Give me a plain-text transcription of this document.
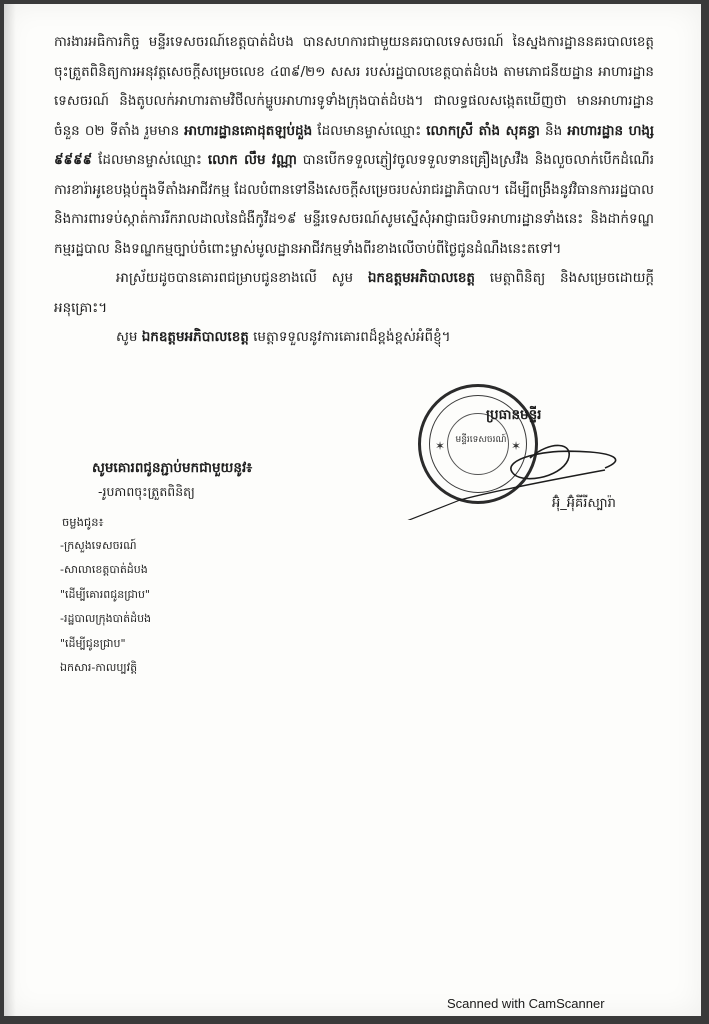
ការងារអធិការកិច្ច មន្ទីរទេសចរណ៍ខេត្តបាត់ដំបង បានសហការជាមួយនគរបាលទេសចរណ៍ នៃស្នងការដ្ឋាននគរបាលខេត្ត ចុះត្រួតពិនិត្យការអនុវត្តសេចក្តីសម្រេចលេខ ៤៣៩/២១ សសរ របស់រដ្ឋបាលខេត្តបាត់ដំបង តាមភោជនីយដ្ឋាន អាហារដ្ឋានទេសចរណ៍ និងតូបលក់អាហារតាមវិថីលក់ម្ហូបអាហារទូទាំងក្រុងបាត់ដំបង។ ជាលទ្ធផលសង្កេតឃើញថា មានអាហារដ្ឋានចំនួន ០២ ទីតាំង រួមមាន អាហារដ្ឋានគោដុតឡប់ដួង ដែលមានម្ចាស់ឈ្មោះ លោកស្រី តាំង សុគន្ធា និង អាហារដ្ឋាន ហង្ស ៩៩៩៩ ដែលមានម្ចាស់ឈ្មោះ លោក លឹម វណ្ណា បានបើកទទួលភ្ញៀវចូលទទួលទានគ្រឿងស្រវឹង និងលួចលាក់បើកដំណើរការខារ៉ាអូខេបង្កប់ក្នុងទីតាំងអាជីវកម្ម ដែលបំពានទៅនឹងសេចក្តីសម្រេចរបស់រាជរដ្ឋាភិបាល។ ដើម្បីពង្រឹងនូវវិធានការរដ្ឋបាល និងការពារទប់ស្កាត់ការរីករាលដាលនៃជំងឺកូវីដ១៩ មន្ទីរទេសចរណ៍សូមស្នើសុំអាជ្ញាធរបិទអាហារដ្ឋានទាំងនេះ និងដាក់ទណ្ឌកម្មរដ្ឋបាល និងទណ្ឌកម្មច្បាប់ចំពោះម្ចាស់មូលដ្ឋានអាជីវកម្មទាំងពីរខាងលើចាប់ពីថ្ងៃជូនដំណឹងនេះតទៅ។

អាស្រ័យដូចបានគោរពជម្រាបជូនខាងលើ សូម ឯកឧត្តមអភិបាលខេត្ត មេត្តាពិនិត្យ និងសម្រេចដោយក្តីអនុគ្រោះ។

សូម ឯកឧត្តមអភិបាលខេត្ត មេត្តាទទួលនូវការគោរពដ៏ខ្ពង់ខ្ពស់អំពីខ្ញុំ។

✶	✶
មន្ទីរទេសចរណ៍
ប្រធានមន្ទីរ
អ៊ុំ_អ៊ុំគីរីស្បារ៉ា
សូមគោរពជូនភ្ជាប់មកជាមួយនូវ៖
-រូបភាពចុះត្រួតពិនិត្យ
ចម្លងជូន៖
-ក្រសួងទេសចរណ៍
-សាលាខេត្តបាត់ដំបង
"ដើម្បីគោរពជូនជ្រាប"
-រដ្ឋបាលក្រុងបាត់ដំបង
"ដើម្បីជូនជ្រាប"
ឯកសារ-កាលប្បវត្តិ
Scanned with CamScanner
